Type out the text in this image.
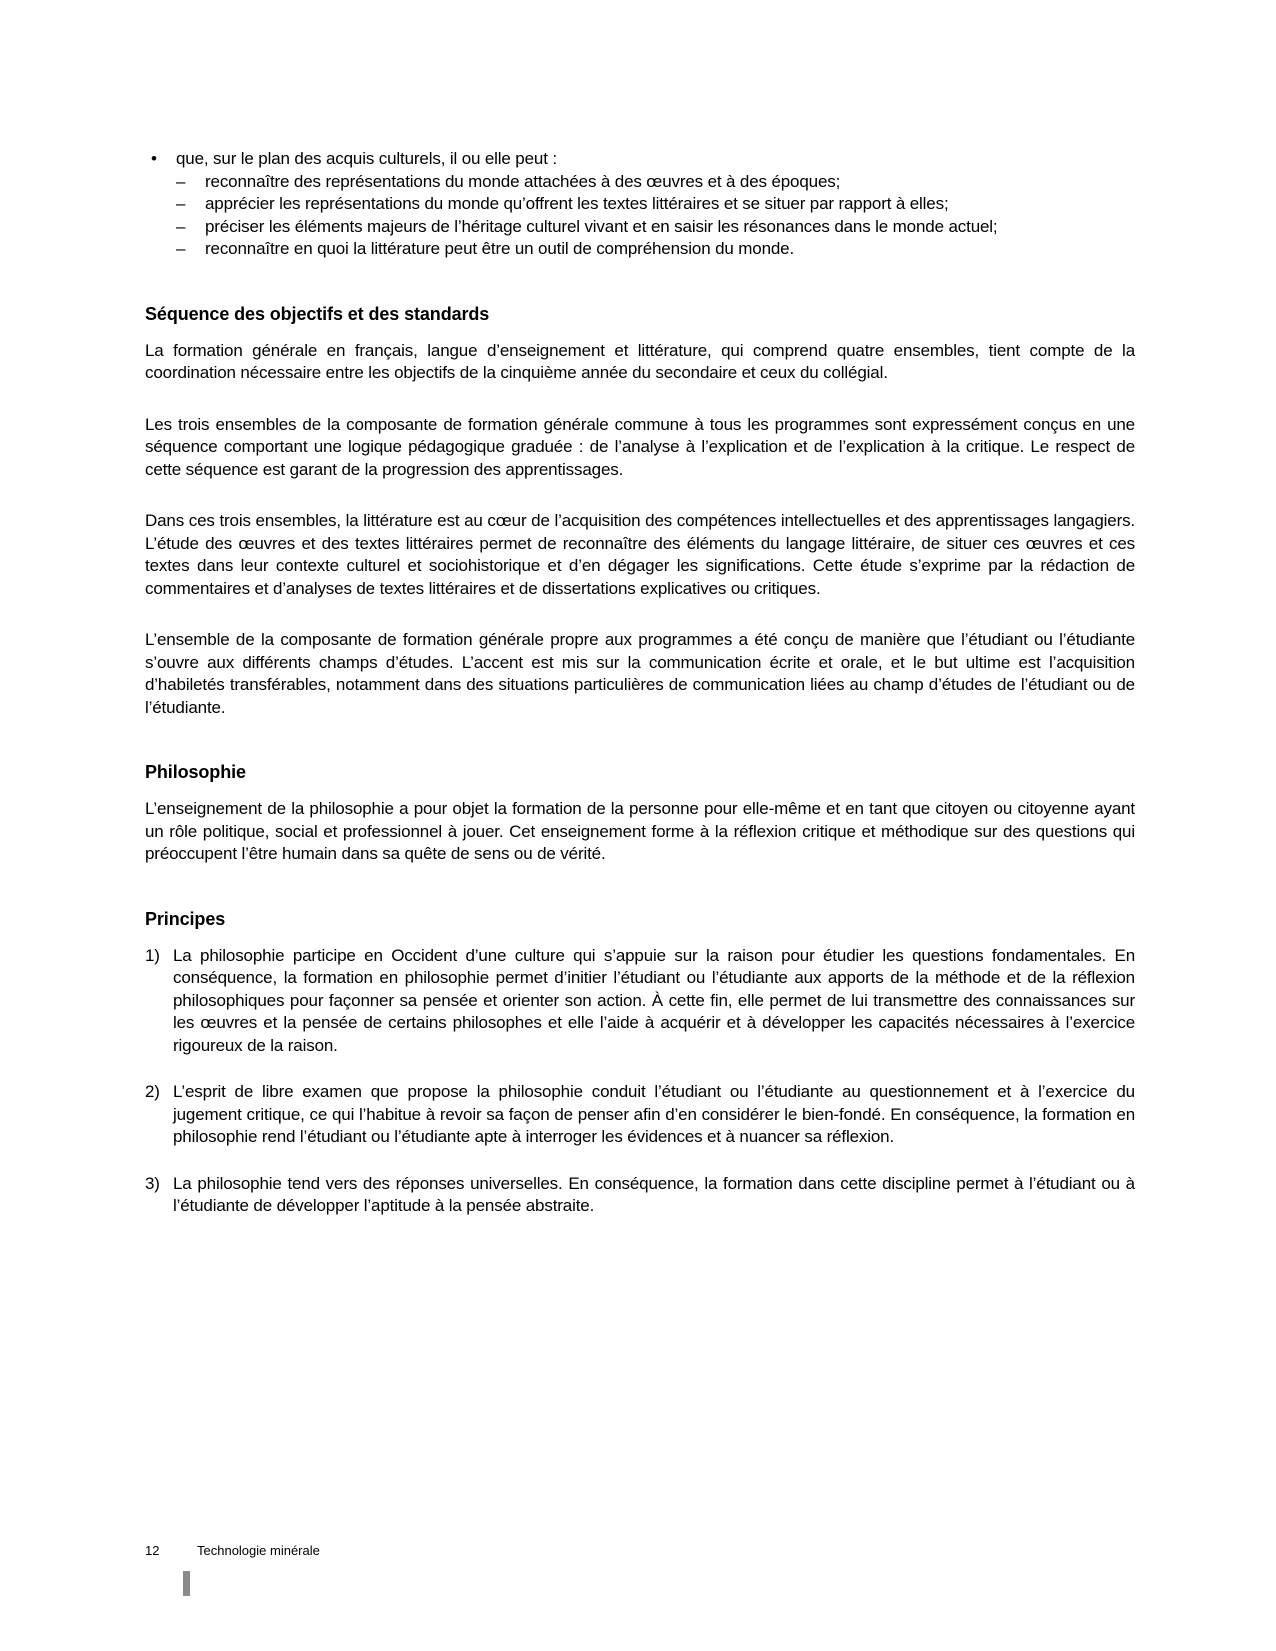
•	que, sur le plan des acquis culturels, il ou elle peut :
–	reconnaître des représentations du monde attachées à des œuvres et à des époques;
–	apprécier les représentations du monde qu’offrent les textes littéraires et se situer par rapport à elles;
–	préciser les éléments majeurs de l’héritage culturel vivant et en saisir les résonances dans le monde actuel;
–	reconnaître en quoi la littérature peut être un outil de compréhension du monde.
Séquence des objectifs et des standards

La formation générale en français, langue d’enseignement et littérature, qui comprend quatre ensembles, tient compte de la coordination nécessaire entre les objectifs de la cinquième année du secondaire et ceux du collégial.

Les trois ensembles de la composante de formation générale commune à tous les programmes sont expressément conçus en une séquence comportant une logique pédagogique graduée : de l’analyse à l’explication et de l’explication à la critique. Le respect de cette séquence est garant de la progression des apprentissages.

Dans ces trois ensembles, la littérature est au cœur de l’acquisition des compétences intellectuelles et des apprentissages langagiers. L’étude des œuvres et des textes littéraires permet de reconnaître des éléments du langage littéraire, de situer ces œuvres et ces textes dans leur contexte culturel et sociohistorique et d’en dégager les significations. Cette étude s’exprime par la rédaction de commentaires et d’analyses de textes littéraires et de dissertations explicatives ou critiques.

L’ensemble de la composante de formation générale propre aux programmes a été conçu de manière que l’étudiant ou l’étudiante s’ouvre aux différents champs d’études. L’accent est mis sur la communication écrite et orale, et le but ultime est l’acquisition d’habiletés transférables, notamment dans des situations particulières de communication liées au champ d’études de l’étudiant ou de l’étudiante.

Philosophie

L’enseignement de la philosophie a pour objet la formation de la personne pour elle-même et en tant que citoyen ou citoyenne ayant un rôle politique, social et professionnel à jouer. Cet enseignement forme à la réflexion critique et méthodique sur des questions qui préoccupent l’être humain dans sa quête de sens ou de vérité.

Principes
1) La philosophie participe en Occident d’une culture qui s’appuie sur la raison pour étudier les questions fondamentales. En conséquence, la formation en philosophie permet d’initier l’étudiant ou l’étudiante aux apports de la méthode et de la réflexion philosophiques pour façonner sa pensée et orienter son action. À cette fin, elle permet de lui transmettre des connaissances sur les œuvres et la pensée de certains philosophes et elle l’aide à acquérir et à développer les capacités nécessaires à l’exercice rigoureux de la raison.
2) L’esprit de libre examen que propose la philosophie conduit l’étudiant ou l’étudiante au questionnement et à l’exercice du jugement critique, ce qui l’habitue à revoir sa façon de penser afin d’en considérer le bien-fondé. En conséquence, la formation en philosophie rend l’étudiant ou l’étudiante apte à interroger les évidences et à nuancer sa réflexion.
3) La philosophie tend vers des réponses universelles. En conséquence, la formation dans cette discipline permet à l’étudiant ou à l’étudiante de développer l’aptitude à la pensée abstraite.
12	Technologie minérale
